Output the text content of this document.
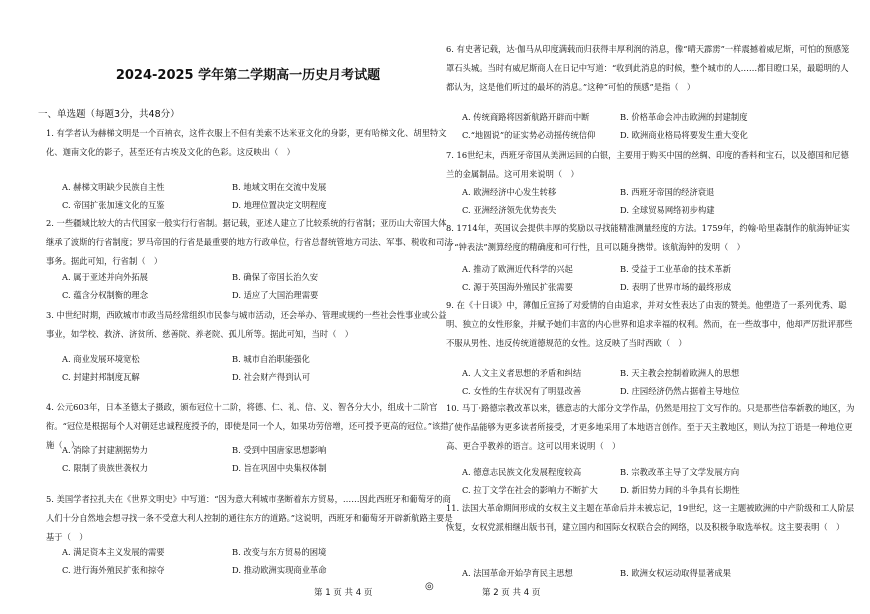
2024-2025 学年第二学期高一历史月考试题
一、单选题（每题3分，共48分）

1. 有学者认为赫梯文明是一个百衲衣，这件衣服上不但有美索不达米亚文化的身影，更有哈梯文化、胡里特文化、迦南文化的影子，甚至还有古埃及文化的色彩。这反映出（　）

A. 赫梯文明缺少民族自主性	B. 地域文明在交流中发展
C. 帝国扩张加速文化的互鉴	D. 地理位置决定文明程度

2. 一些疆域比较大的古代国家一般实行行省制。据记载，亚述人建立了比较系统的行省制；亚历山大帝国大体继承了波斯的行省制度；罗马帝国的行省是最重要的地方行政单位，行省总督统管地方司法、军事、税收和司法事务。据此可知，行省制（　）

A. 属于亚述并向外拓展	B. 确保了帝国长治久安
C. 蕴含分权制衡的理念	D. 适应了大国治理需要

3. 中世纪时期，西欧城市市政当局经常组织市民参与城市活动，还会举办、管理或规约一些社会性事业或公益事业，如学校、救济、济贫所、慈善院、养老院、孤儿所等。据此可知，当时（　）

A. 商业发展环境宽松	B. 城市自治职能强化
C. 封建封邦制度瓦解	D. 社会财产得到认可

4. 公元603年，日本圣德太子摄政，颁布冠位十二阶，将德、仁、礼、信、义、智各分大小，组成十二阶官衔。“冠位是根据每个人对朝廷忠诚程度授予的，即使是同一个人，如果功劳倍增，还可授予更高的冠位。”该措施（　）

A. 消除了封建割据势力	B. 受到中国唐家思想影响
C. 限制了贵族世袭权力	D. 旨在巩固中央集权体制

5. 美国学者拉扎夫在《世界文明史》中写道：“因为意大利城市垄断着东方贸易，……因此西班牙和葡萄牙的商人们十分自然地会想寻找一条不受意大利人控制的通往东方的道路。”这说明，西班牙和葡萄牙开辟新航路主要是基于（　）

A. 满足资本主义发展的需要	B. 改变与东方贸易的困境
C. 进行海外殖民扩张和掠夺	D. 推动欧洲实现商业革命

6. 有史著记载，达·伽马从印度满载而归获得丰厚利润的消息，像“晴天霹雳”一样震撼着威尼斯，可怕的预感笼罩石头城。当时有威尼斯商人在日记中写道：“收到此消息的时候，整个城市的人……都目瞪口呆，最聪明的人都认为，这是他们听过的最坏的消息。”这种“可怕的预感”是指（　）

A. 传统商路将因新航路开辟而中断	B. 价格革命会冲击欧洲的封建制度
C.“地圆说”的证实势必动摇传统信仰	D. 欧洲商业格局将要发生重大变化

7. 16世纪末，西班牙帝国从美洲运回的白银，主要用于购买中国的丝绸、印度的香料和宝石，以及德国和尼德兰的金属制品。这可用来说明（　）

A. 欧洲经济中心发生转移	B. 西班牙帝国的经济衰退
C. 亚洲经济领先优势丧失	D. 全球贸易网络初步构建

8. 1714年，英国议会提供丰厚的奖励以寻找能精准测量经度的方法。1759年，约翰·哈里森制作的航海钟证实了“钟表法”测算经度的精确度和可行性，且可以随身携带。该航海钟的发明（　）

A. 推动了欧洲近代科学的兴起	B. 受益于工业革命的技术革新
C. 源于英国海外殖民扩张需要	D. 表明了世界市场的最终形成

9. 在《十日谈》中，薄伽丘宣扬了对爱情的自由追求，并对女性表达了由衷的赞美。他塑造了一系列优秀、聪明、独立的女性形象，并赋予她们丰富的内心世界和追求幸福的权利。然而，在一些故事中，他却严厉批评那些不服从男性、违反传统道德规范的女性。这反映了当时西欧（　）

A. 人文主义者思想的矛盾和纠结	B. 天主教会控制着欧洲人的思想
C. 女性的生存状况有了明显改善	D. 庄园经济仍然占据着主导地位

10. 马丁·路德宗教改革以来，德意志的大部分文学作品，仍然是用拉丁文写作的。只是那些信奉新教的地区，为了使作品能够为更多读者所接受，才更多地采用了本地语言创作。至于天主教地区，则认为拉丁语是一种地位更高、更合乎教养的语言。这可以用来说明（　）

A. 德意志民族文化发展程度较高	B. 宗教改革主导了文学发展方向
C. 拉丁文学在社会的影响力不断扩大	D. 新旧势力间的斗争具有长期性

11. 法国大革命期间形成的女权主义主题在革命后并未被忘记，19世纪，这一主题被欧洲的中产阶级和工人阶层恢复，女权党派相继出版书刊，建立国内和国际女权联合会的网络，以及积极争取选举权。这主要表明（　）

A. 法国革命开始孕育民主思想	B. 欧洲女权运动取得显著成果
第 1 页 共 4 页
◎
第 2 页 共 4 页
